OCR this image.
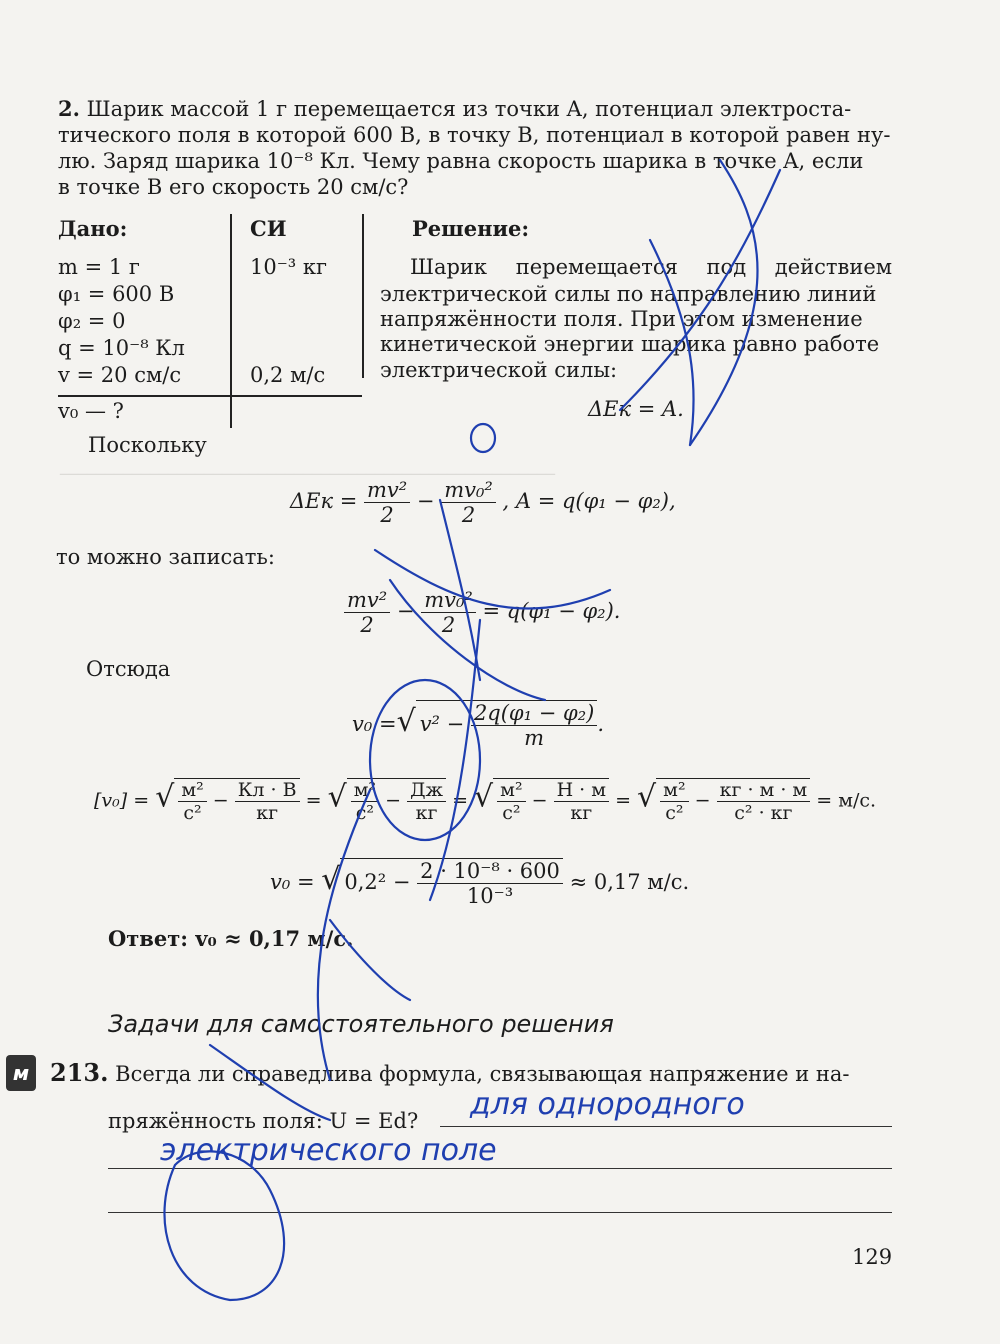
_______________________________________________________
2. Шарик массой 1 г перемещается из точки A, потенциал электроста-
тического поля в которой 600 В, в точку B, потенциал в которой равен ну-
лю. Заряд шарика 10⁻⁸ Кл. Чему равна скорость шарика в точке A, если
в точке B его скорость 20 см/с?
Дано:	СИ	Решение:
m = 1 г
φ₁ = 600 В
φ₂ = 0
q = 10⁻⁸ Кл
v = 20 см/с
v₀ — ?
10⁻³ кг
0,2 м/с
Шарик перемещается под действием
электрической силы по направлению линий
напряжённости поля. При этом изменение
кинетической энергии шарика равно работе
электрической силы:
ΔEк = A.
Поскольку
$\Delta Eк = \frac{\text{mv²}}{2} - \frac{\text{mv₀²}}{2}$ , A = q(φ₁ − φ₂),
то можно записать:
$\frac{\text{mv²}}{2} - \frac{\text{mv₀²}}{2} = q(\varphi_1 - \varphi_2)$.
Отсюда
v₀ =√ $v^2 - \frac{\text{2q(φ₁ − φ₂)}}{m}$ .
[v₀] = √ $\frac{\text{м²}}{\text{с²}} - \frac{Кл \cdot В}{кг}$ = √ $\frac{\text{м²}}{\text{с²}} - \frac{Дж}{кг}$ = √ $\frac{\text{м²}}{\text{с²}} - \frac{Н \cdot м}{кг}$ = √ $\frac{\text{м²}}{\text{с²}} - \frac{кг \cdot м \cdot м}{\text{с² · кг}} = м/с$.
v₀ = √ $0,2^2 - \frac{\text{2 · 10⁻⁸ · 600}}{\text{10⁻³}} \approx 0,17$ м/с.
Ответ: v₀ ≈ 0,17 м/с.
Задачи для самостоятельного решения
м 213. Всегда ли справедлива формула, связывающая напряжение и на-
пряжённость поля: U = Ed? для однородного
электрического поле
129
